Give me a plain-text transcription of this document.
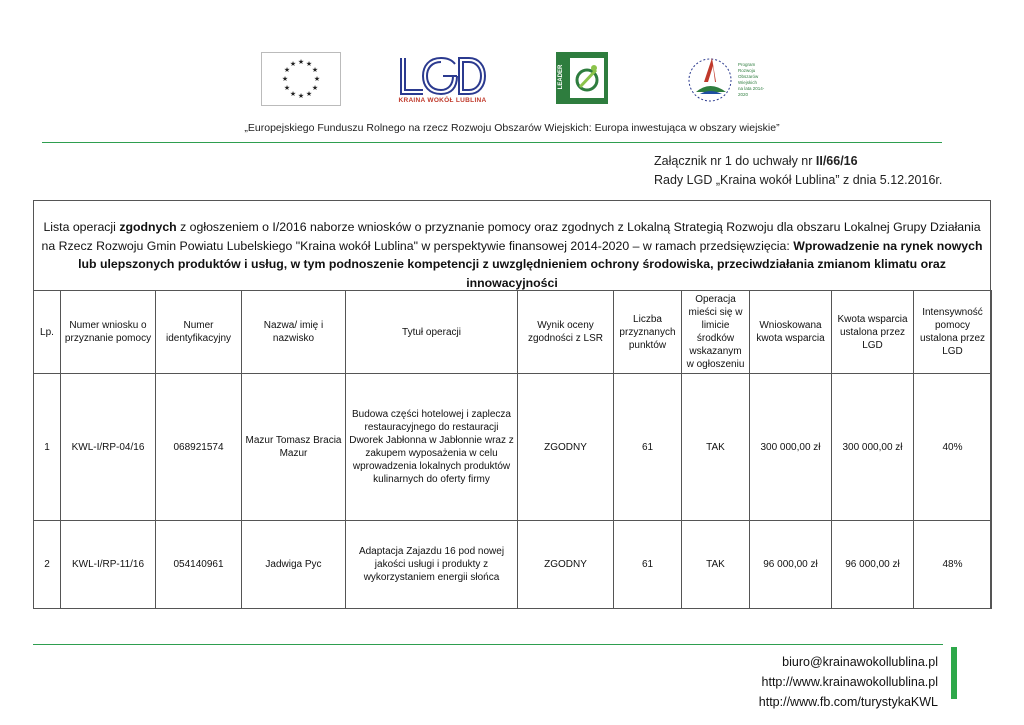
★ ★
★
★
★
★
★
★
★
★
★
★
KRAINA WOKÓŁ LUBLINA
LEADER
Program
Rozwoju
Obszarów
Wiejskich
na lata 2014-2020
„Europejskiego Funduszu Rolnego na rzecz Rozwoju Obszarów Wiejskich: Europa inwestująca w obszary wiejskie”
Załącznik nr 1 do uchwały nr II/66/16
Rady LGD „Kraina wokół Lublina” z dnia 5.12.2016r.
Lista operacji zgodnych z ogłoszeniem o I/2016 naborze wniosków o przyznanie pomocy oraz zgodnych z Lokalną Strategią Rozwoju dla obszaru Lokalnej Grupy Działania na Rzecz Rozwoju Gmin Powiatu Lubelskiego "Kraina wokół Lublina" w perspektywie finansowej 2014-2020 – w ramach przedsięwzięcia: Wprowadzenie na rynek nowych lub ulepszonych produktów i usług, w tym podnoszenie kompetencji z uwzględnieniem ochrony środowiska, przeciwdziałania zmianom klimatu oraz innowacyjności
Lp.	Numer wniosku o przyznanie pomocy	Numer identyfikacyjny	Nazwa/ imię i nazwisko	Tytuł operacji	Wynik oceny zgodności z LSR	Liczba przyznanych punktów	Operacja mieści się w limicie środków wskazanym w ogłoszeniu	Wnioskowana kwota wsparcia	Kwota wsparcia ustalona przez LGD	Intensywność pomocy ustalona przez LGD
1	KWL-I/RP-04/16	068921574	Mazur Tomasz Bracia Mazur	Budowa części hotelowej i zaplecza restauracyjnego do restauracji Dworek Jabłonna w Jabłonnie wraz z zakupem wyposażenia w celu wprowadzenia lokalnych produktów kulinarnych do oferty firmy	ZGODNY	61	TAK	300 000,00 zł	300 000,00 zł	40%
2	KWL-I/RP-11/16	054140961	Jadwiga Pyc	Adaptacja Zajazdu 16 pod nowej jakości usługi i produkty z wykorzystaniem energii słońca	ZGODNY	61	TAK	96 000,00 zł	96 000,00 zł	48%
biuro@krainawokollublina.pl
http://www.krainawokollublina.pl
http://www.fb.com/turystykaKWL
